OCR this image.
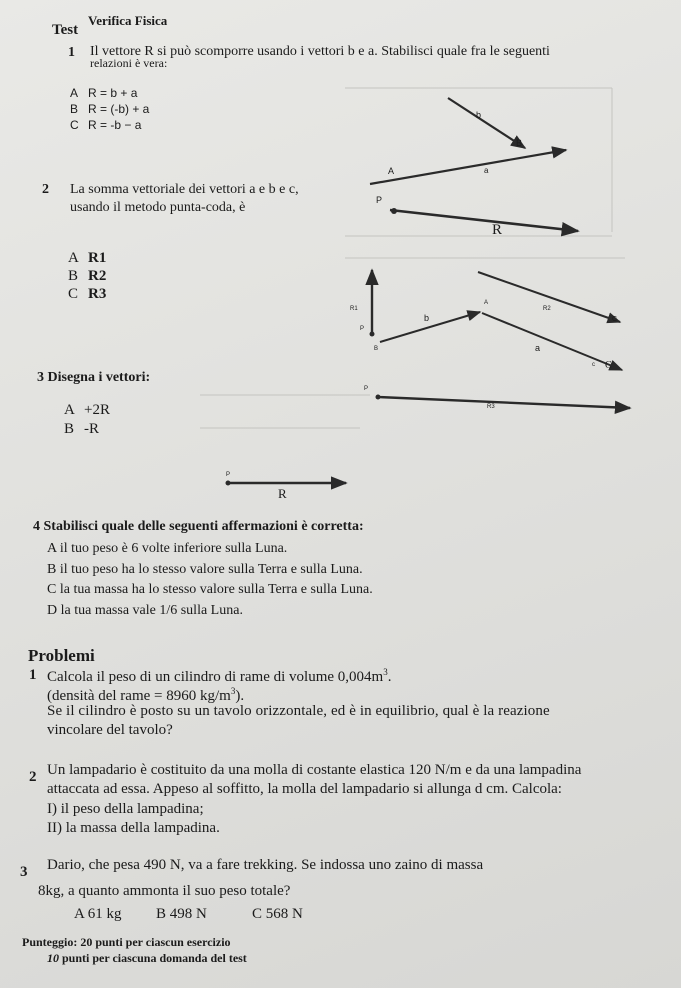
Test

Verifica Fisica

1 Il vettore R si può scomporre usando i vettori b e a. Stabilisci quale fra le seguenti

relazioni è vera:

A R = b + a

B R = (-b) + a

C R = -b − a

2 La somma vettoriale dei vettori a e b e c,

usando il metodo punta-coda, è

A R1

B R2

C R3

3 Disegna i vettori:

A +2R

B -R

b

B

A	a

P

R

R1	R2

R3

b

a

c

A

B

C

C

P

P

P

R

4 Stabilisci quale delle seguenti affermazioni è corretta:

A il tuo peso è 6 volte inferiore sulla Luna.

B il tuo peso ha lo stesso valore sulla Terra e sulla Luna.

C la tua massa ha lo stesso valore sulla Terra e sulla Luna.

D la tua massa vale 1/6 sulla Luna.

Problemi

1 Calcola il peso di un cilindro di rame di volume $0,004m^3$.

(densità del rame = 8960 $kg/m^3$).

Se il cilindro è posto su un tavolo orizzontale, ed è in equilibrio, qual è la reazione

vincolare del tavolo?

2 Un lampadario è costituito da una molla di costante elastica 120 N/m e da una lampadina

attaccata ad essa. Appeso al soffitto, la molla del lampadario si allunga d cm. Calcola:

I) il peso della lampadina;

II) la massa della lampadina.

3 Dario, che pesa 490 N, va a fare trekking. Se indossa uno zaino di massa

8kg, a quanto ammonta il suo peso totale?

A 61 kg B 498 N	C 568 N

Punteggio: 20 punti per ciascun esercizio

10 punti per ciascuna domanda del test
